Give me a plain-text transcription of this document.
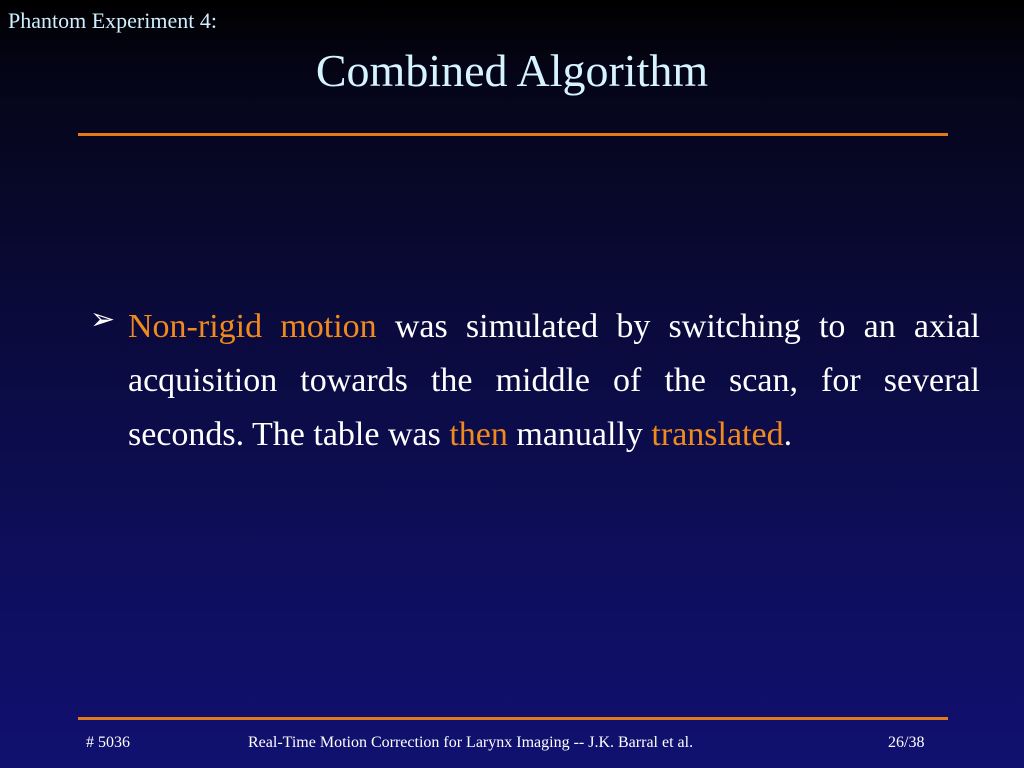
Phantom Experiment 4:
Combined Algorithm
➢ Non-rigid motion was simulated by switching to an axial acquisition towards the middle of the scan, for several seconds. The table was then manually translated.
# 5036	Real-Time Motion Correction for Larynx Imaging -- J.K. Barral et al.	26/38
